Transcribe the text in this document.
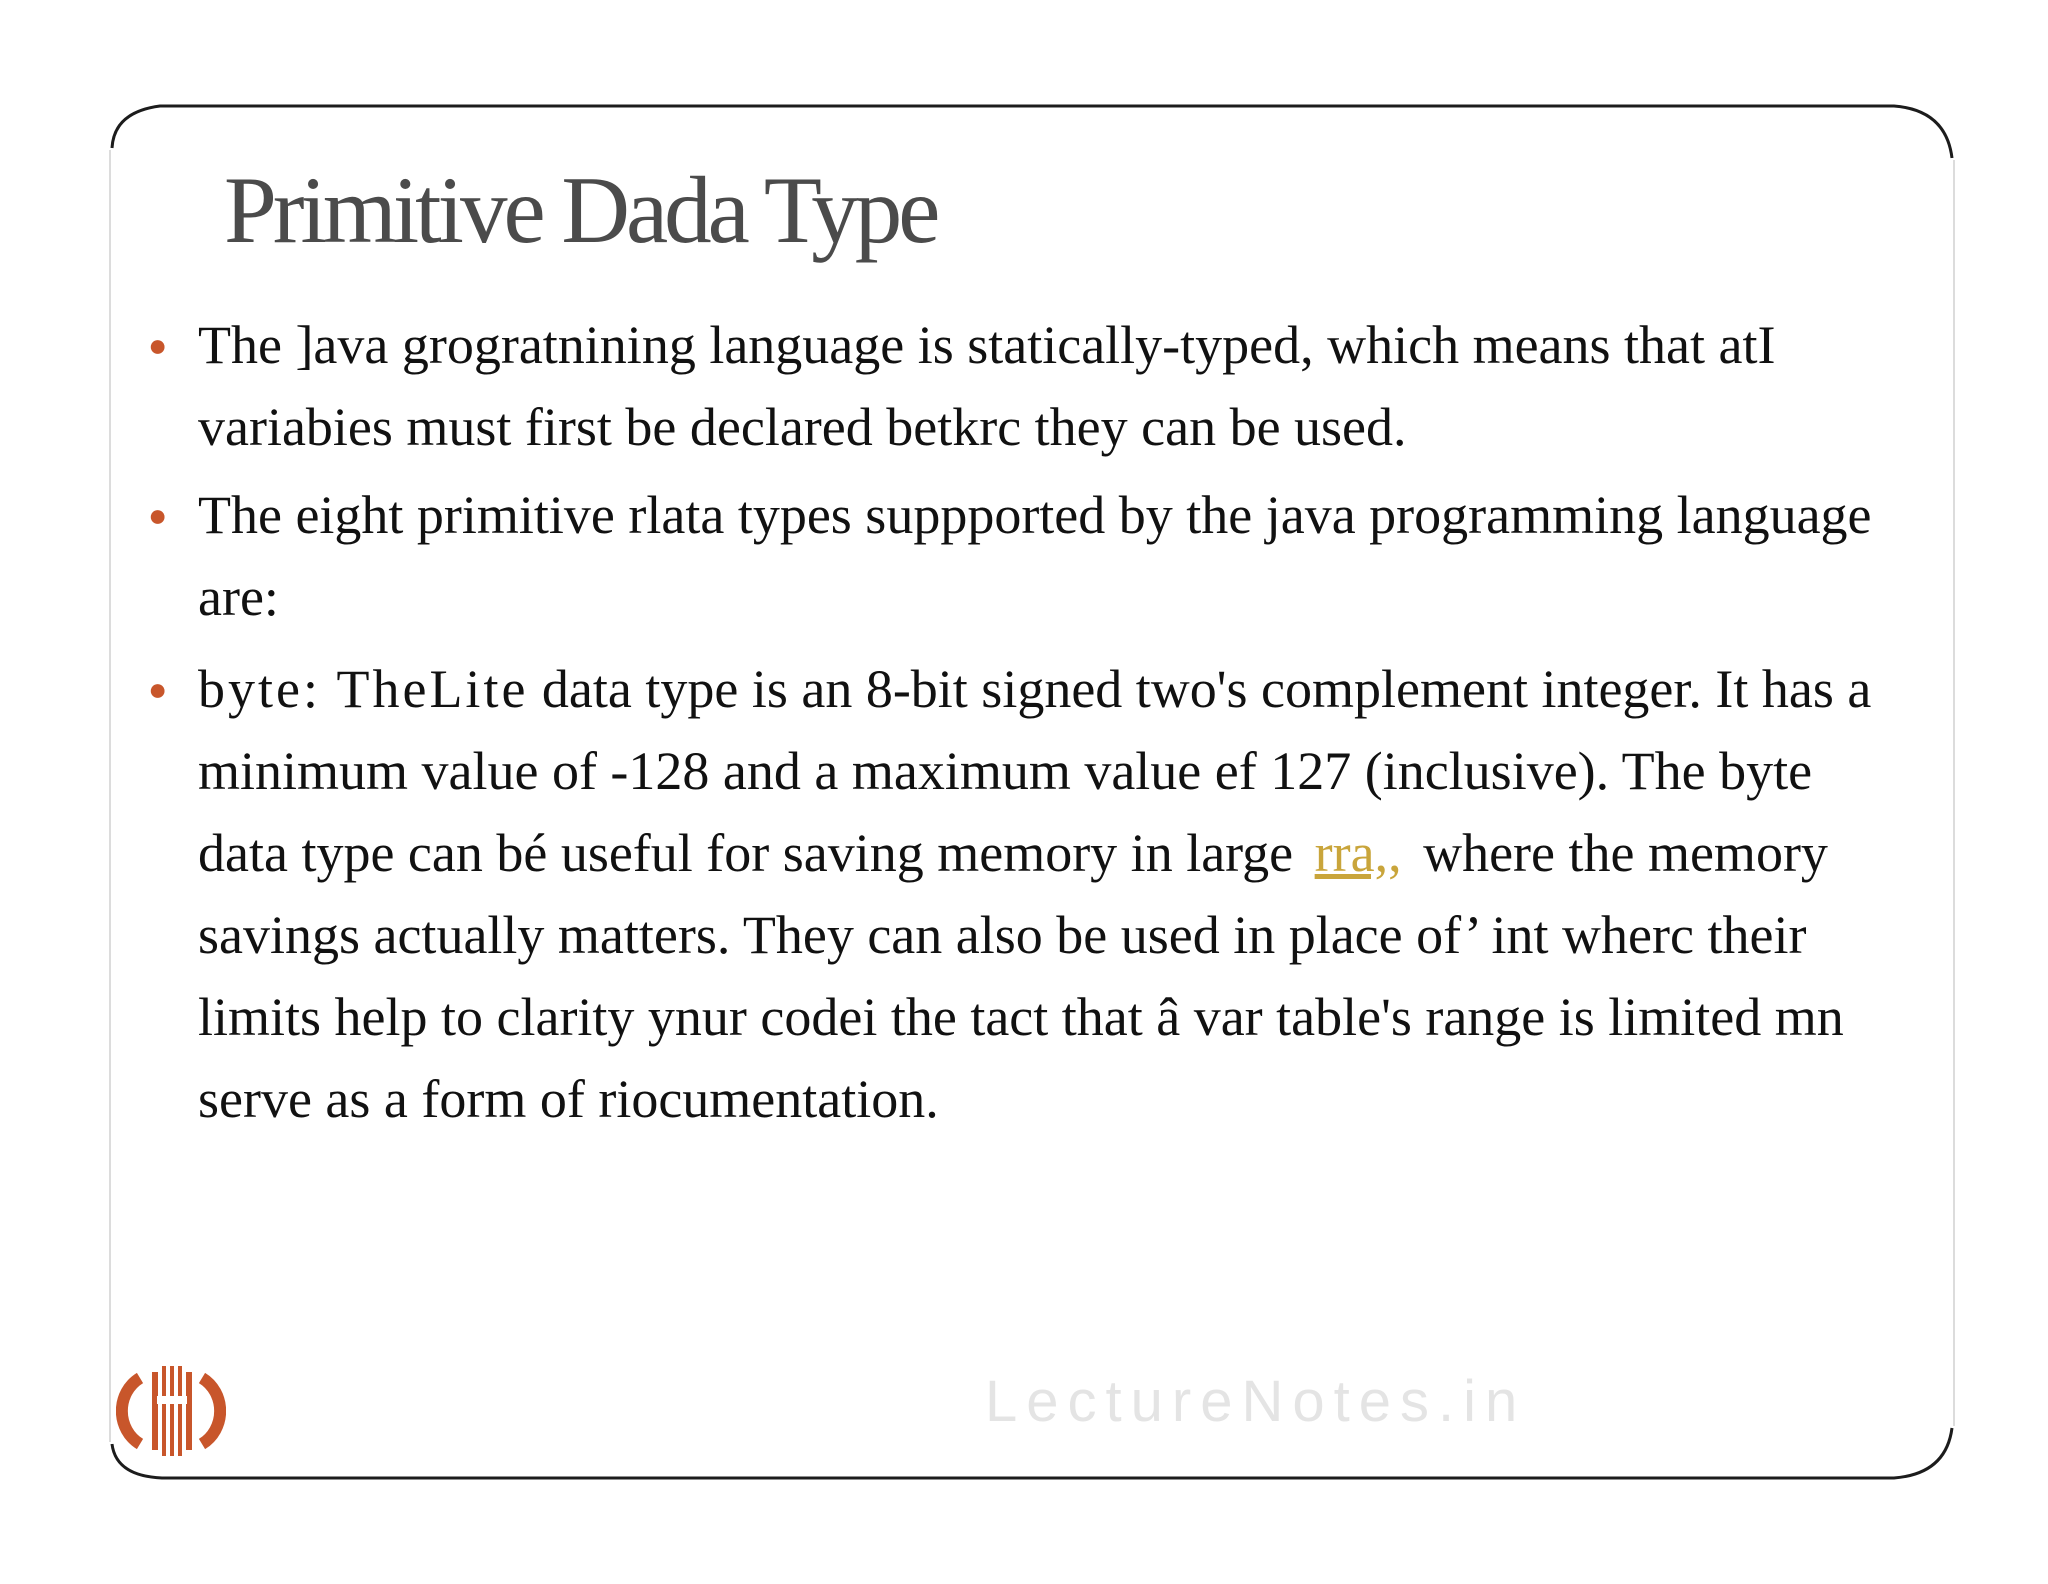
Primitive Dada Type
● The ]ava grogratnining language is statically-typed, which means that atI variabies must first be declared betkrc they can be used.
● The eight primitive rlata types suppported by the java programming language are:
● byte: TheLite data type is an 8-bit signed two's complement integer. It has a minimum value of -128 and a maximum value ef 127 (inclusive). The byte data type can bé useful for saving memory in large rra,, where the memory savings actually matters. They can also be used in place of’ int wherc their limits help to clarity ynur codei the tact that â var table's range is limited mn serve as a form of riocumentation.
LectureNotes.in
